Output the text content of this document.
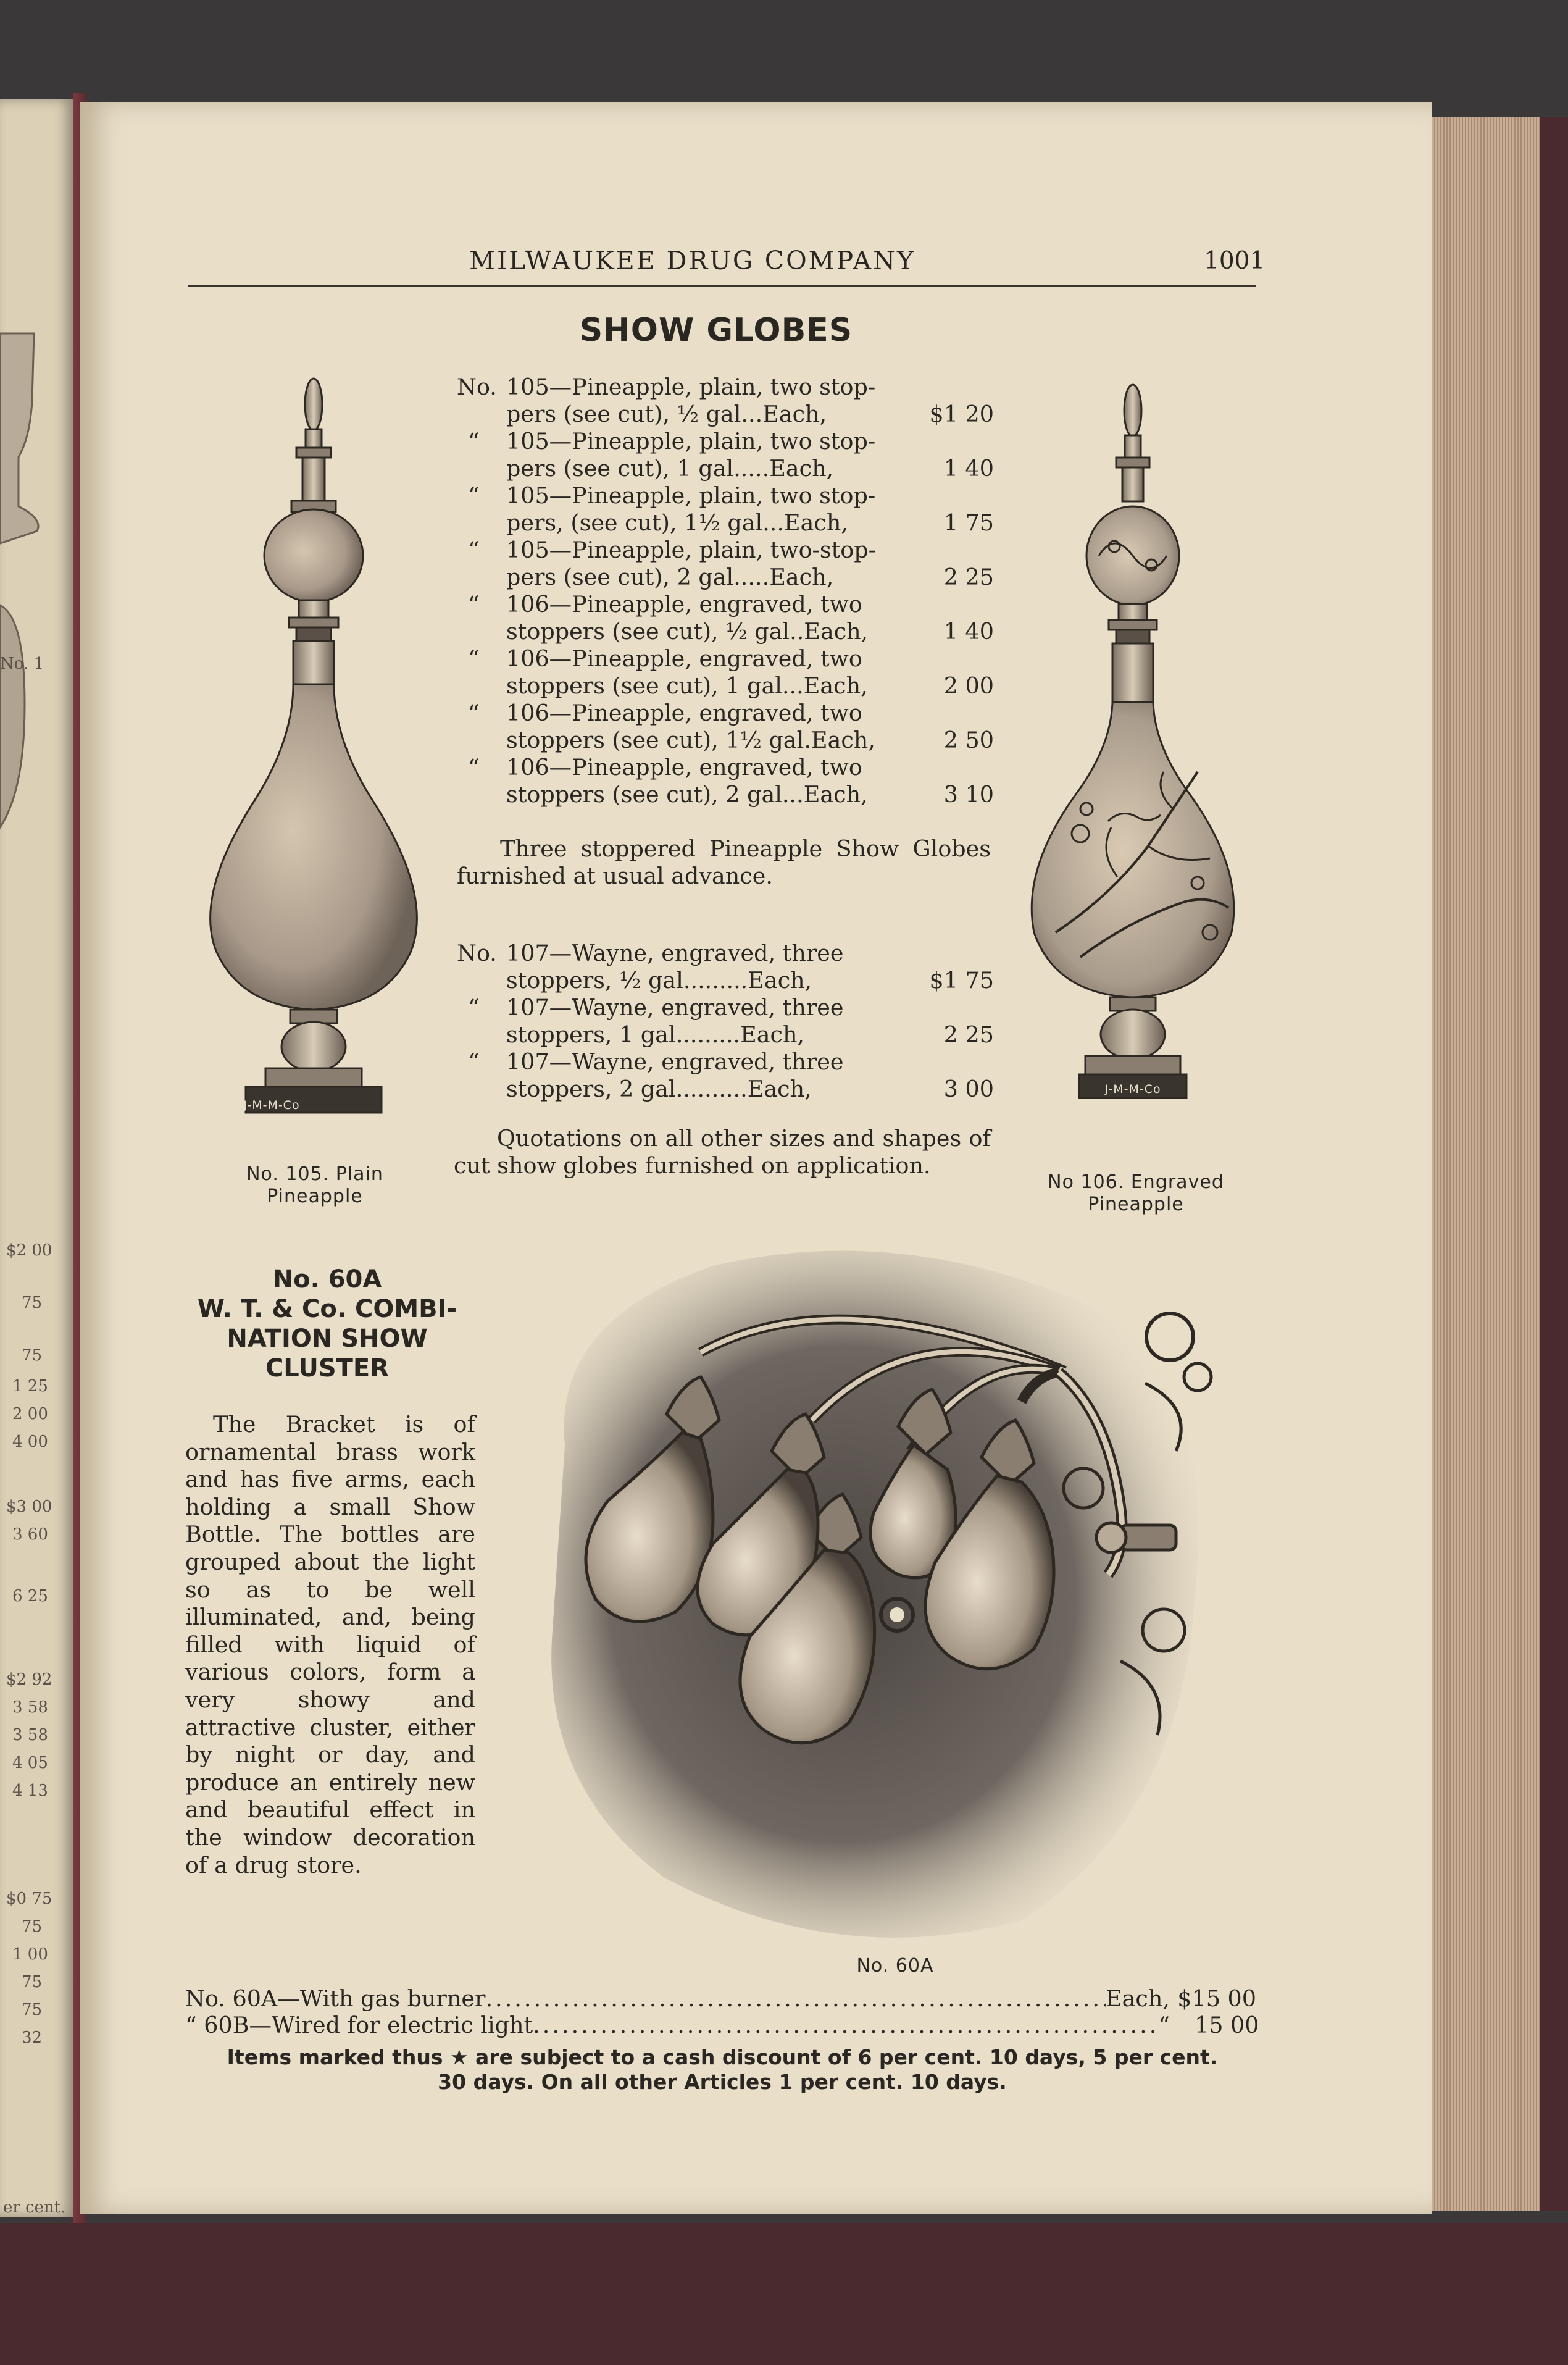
No. 1
$2 00
75
75
1 25
2 00
4 00
$3 00
3 60
6 25
$2 92
3 58
3 58
4 05
4 13
$0 75
75
1 00
75
75
32
er cent.
MILWAUKEE DRUG COMPANY	1001
SHOW GLOBES
J-M-M-Co
No. 105. Plain
Pineapple
J-M-M-Co
No 106. Engraved
Pineapple
No. 105—Pineapple, plain, two stop-
pers (see cut), ½ gal...Each,	$1 20
“	105—Pineapple, plain, two stop-
pers (see cut), 1 gal.....Each,	1 40
“	105—Pineapple, plain, two stop-
pers, (see cut), 1½ gal...Each,	1 75
“	105—Pineapple, plain, two-stop-
pers (see cut), 2 gal.....Each,	2 25
“	106—Pineapple, engraved, two
stoppers (see cut), ½ gal..Each,	1 40
“	106—Pineapple, engraved, two
stoppers (see cut), 1 gal...Each,	2 00
“	106—Pineapple, engraved, two
stoppers (see cut), 1½ gal.Each,	2 50
“	106—Pineapple, engraved, two
stoppers (see cut), 2 gal...Each,	3 10
Three stoppered Pineapple Show Globes furnished at usual advance.
No. 107—Wayne, engraved, three
stoppers, ½ gal.........Each,	$1 75
“	107—Wayne, engraved, three
stoppers, 1 gal.........Each,	2 25
“	107—Wayne, engraved, three
stoppers, 2 gal..........Each,	3 00
Quotations on all other sizes and shapes of cut show globes furnished on application.
No. 60A
W. T. & Co. COMBI-
NATION SHOW
CLUSTER
The Bracket is of ornamental brass work and has five arms, each holding a small Show Bottle. The bottles are grouped about the light so as to be well illuminated, and, being filled with liquid of various colors, form a very showy and attractive cluster, either by night or day, and produce an entirely new and beautiful effect in the window decoration of a drug store.
No. 60A
No. 60A—With gas burner .....	Each, $15 00
“ 60B—Wired for electric light .....	“ 15 00
Items marked thus ★ are subject to a cash discount of 6 per cent. 10 days, 5 per cent.
30 days. On all other Articles 1 per cent. 10 days.
